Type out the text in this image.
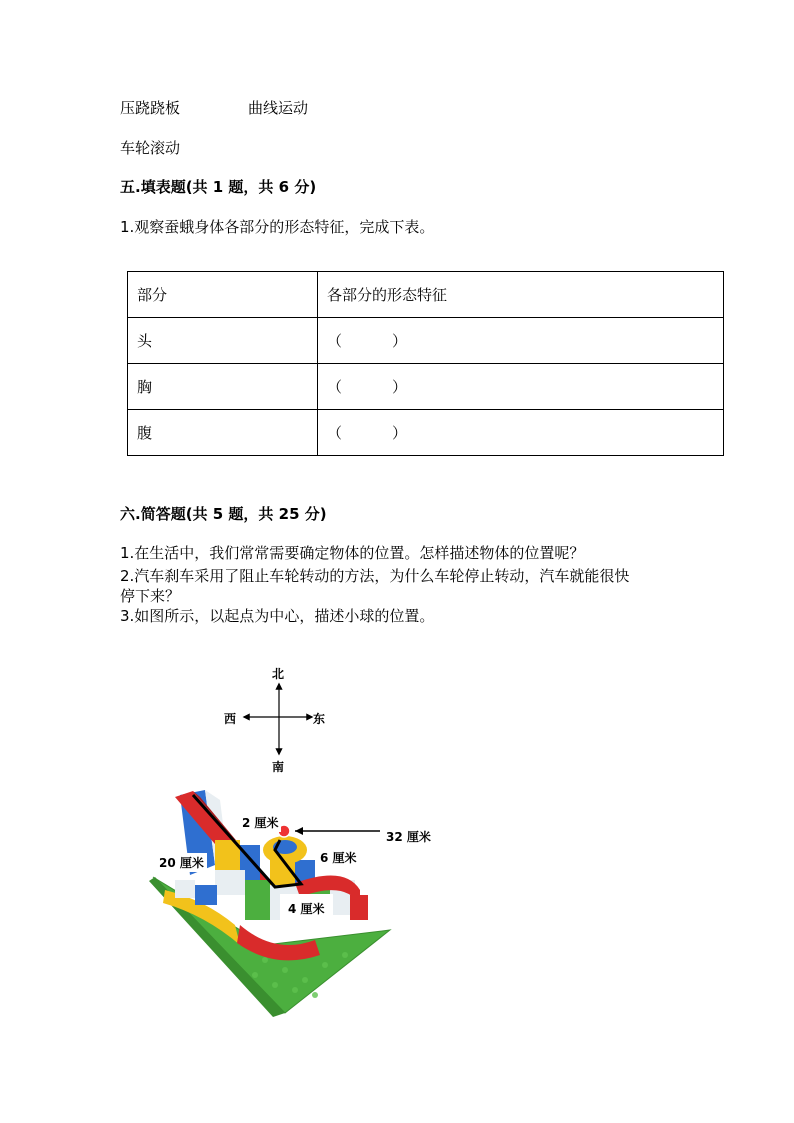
压跷跷板	曲线运动
车轮滚动
五.填表题(共 1 题，共 6 分)
1.观察蚕蛾身体各部分的形态特征，完成下表。
部分	各部分的形态特征
头	（ ）
胸	（ ）
腹	（ ）
六.简答题(共 5 题，共 25 分)
1.在生活中，我们常常需要确定物体的位置。怎样描述物体的位置呢？
2.汽车刹车采用了阻止车轮转动的方法，为什么车轮停止转动，汽车就能很快
停下来？
3.如图所示，以起点为中心，描述小球的位置。
北
南
西	东
2 厘米
32 厘米
20 厘米	6 厘米
4 厘米
